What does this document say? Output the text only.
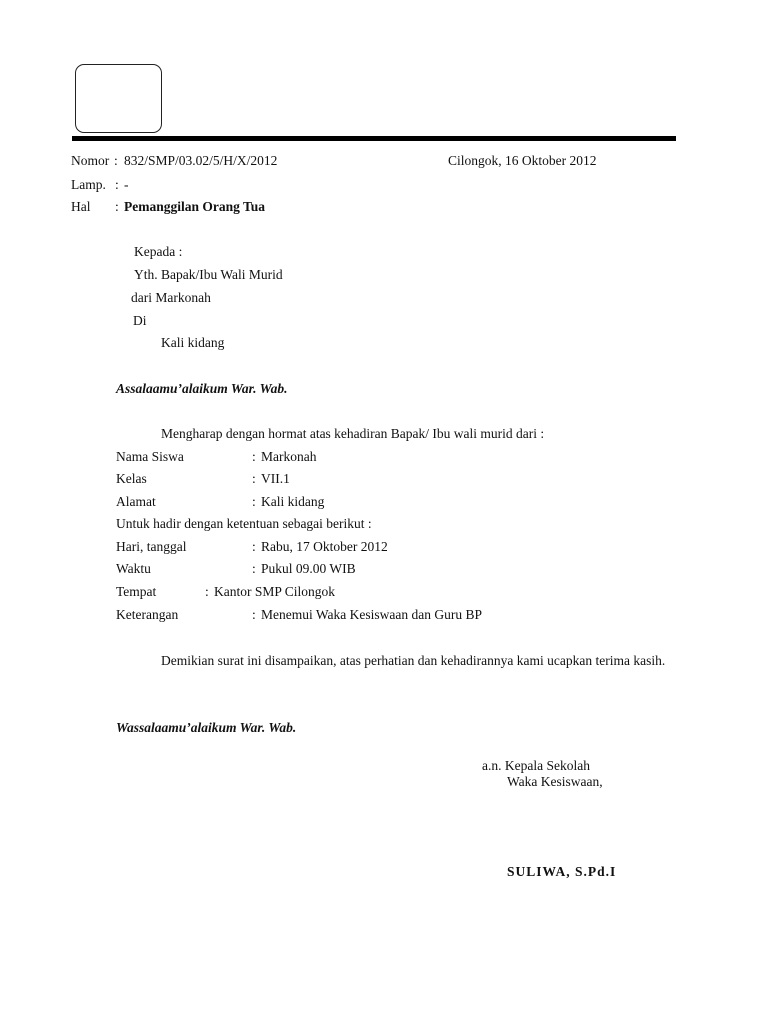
Nomor : 832/SMP/03.02/5/H/X/2012	Cilongok, 16 Oktober 2012
Lamp. : -
Hal : Pemanggilan Orang Tua
Kepada :
Yth. Bapak/Ibu Wali Murid
dari Markonah
Di
Kali kidang
Assalaamu’alaikum War. Wab.
Mengharap dengan hormat atas kehadiran Bapak/ Ibu wali murid dari :
Nama Siswa	: Markonah
Kelas	: VII.1
Alamat	: Kali kidang
Untuk hadir dengan ketentuan sebagai berikut :
Hari, tanggal	: Rabu, 17 Oktober 2012
Waktu	: Pukul 09.00 WIB
Tempat	: Kantor SMP Cilongok
Keterangan	: Menemui Waka Kesiswaan dan Guru BP
Demikian surat ini disampaikan, atas perhatian dan kehadirannya kami ucapkan terima kasih.
Wassalaamu’alaikum War. Wab.
a.n. Kepala Sekolah
Waka Kesiswaan,
SULIWA, S.Pd.I
